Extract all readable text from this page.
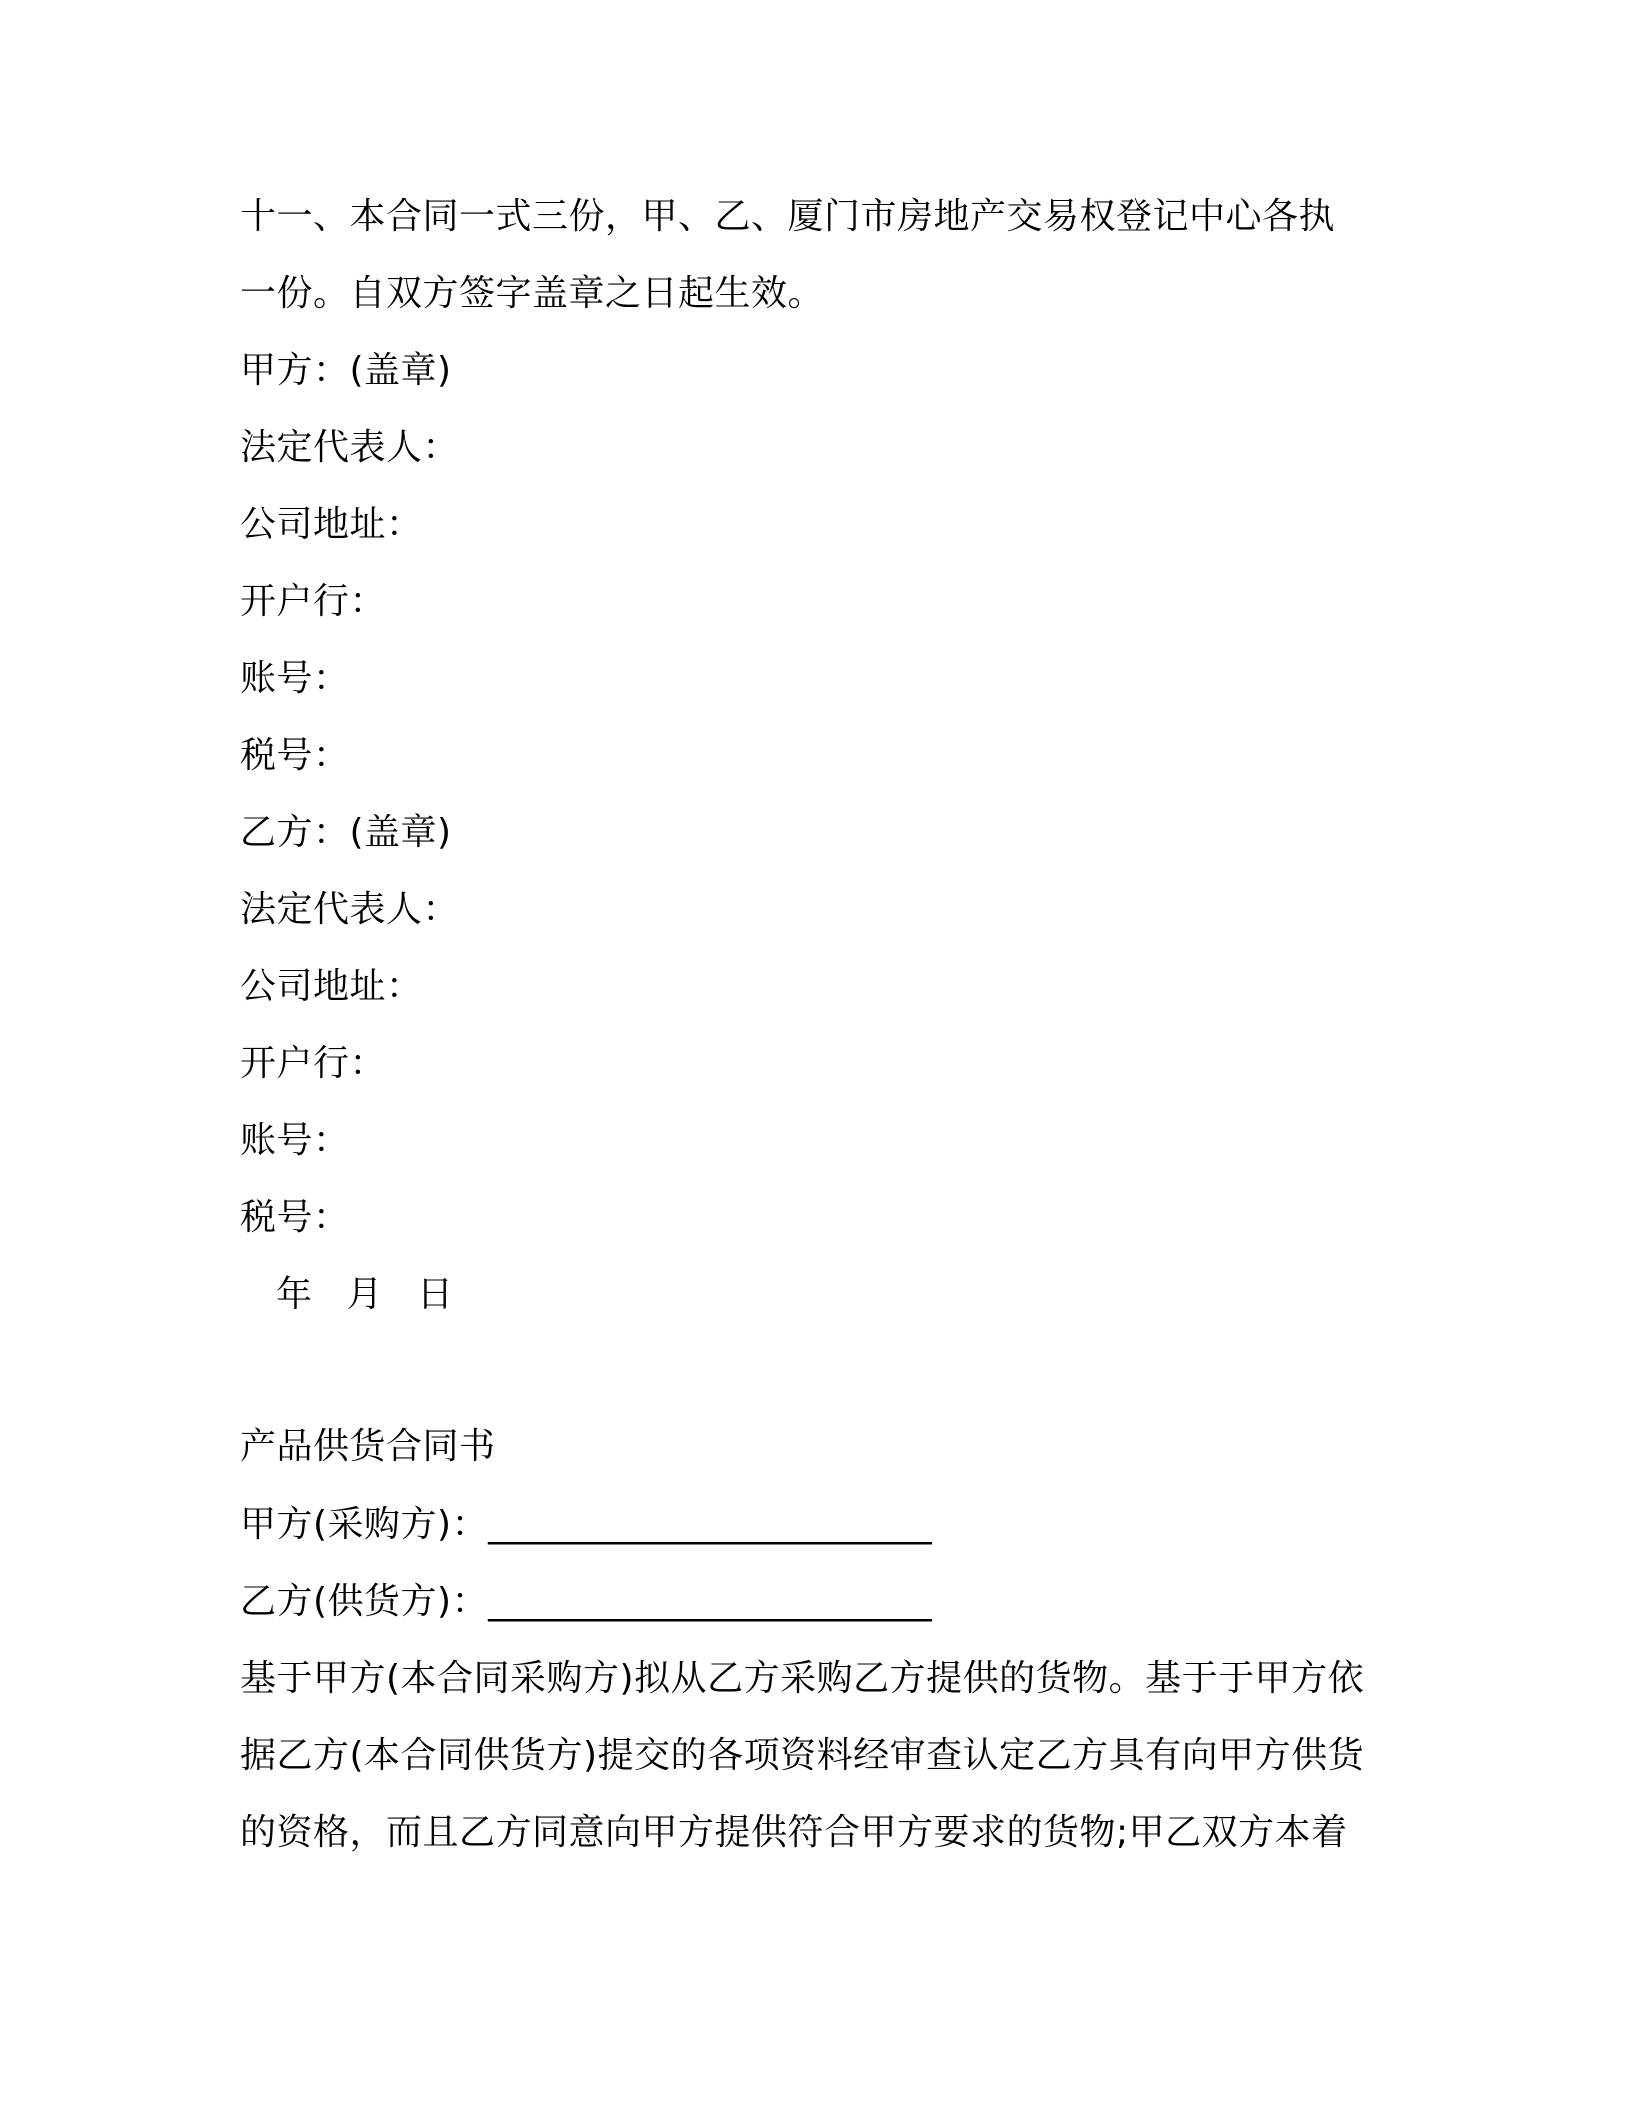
十一、本合同一式三份，甲、乙、厦门市房地产交易权登记中心各执
一份。自双方签字盖章之日起生效。
甲方：(盖章)
法定代表人：
公司地址：
开户行：
账号：
税号：
乙方：(盖章)
法定代表人：
公司地址：
开户行：
账号：
税号：
年 月 日
产品供货合同书
甲方(采购方)：________________________
乙方(供货方)：________________________
基于甲方(本合同采购方)拟从乙方采购乙方提供的货物。基于于甲方依
据乙方(本合同供货方)提交的各项资料经审查认定乙方具有向甲方供货
的资格，而且乙方同意向甲方提供符合甲方要求的货物;甲乙双方本着
